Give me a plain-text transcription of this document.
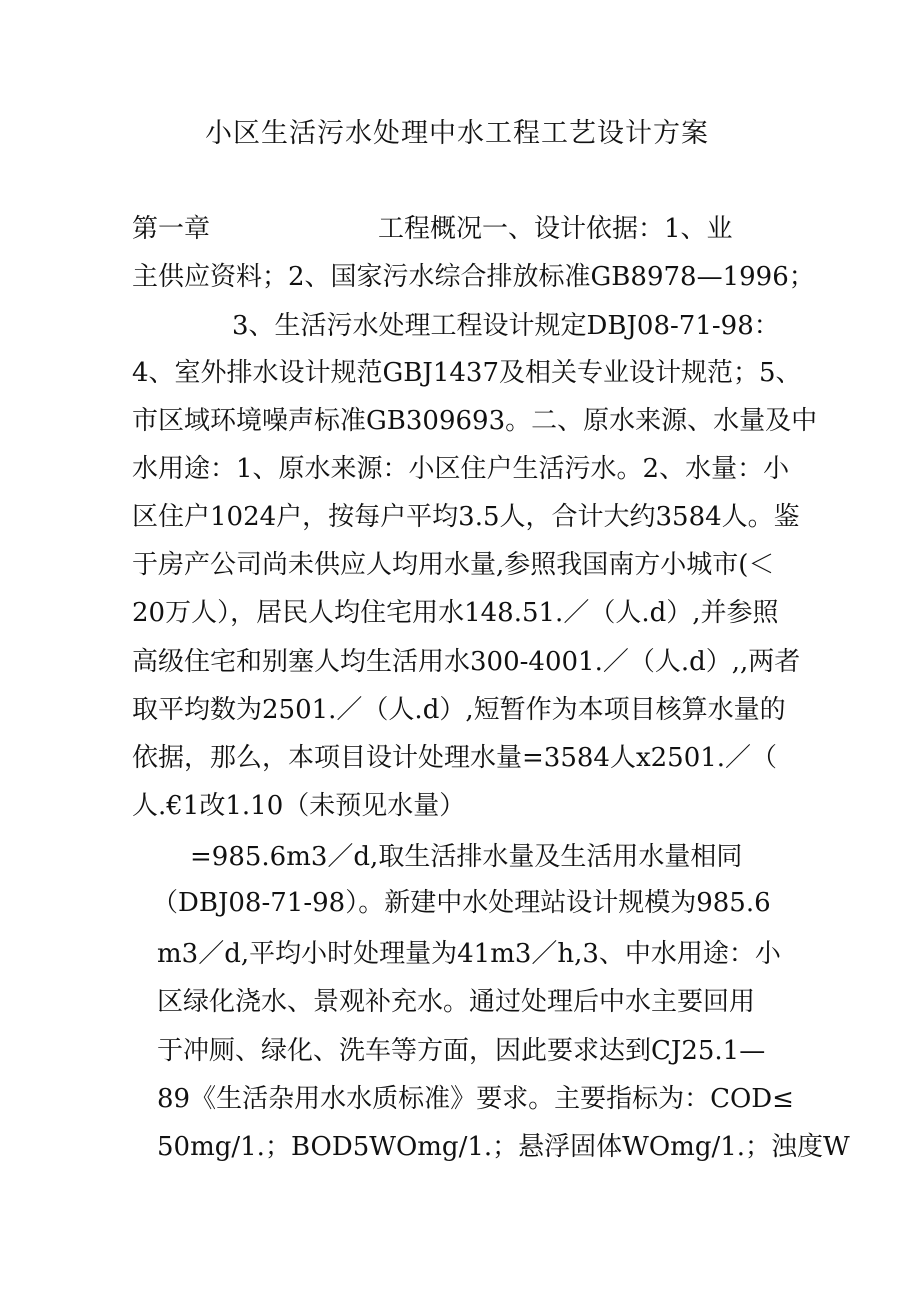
小区生活污水处理中水工程工艺设计方案
第一章	工程概况一、设计依据：1、业
主供应资料；2、国家污水综合排放标准GB8978—1996；
3、生活污水处理工程设计规定DBJ08-71-98：
4、室外排水设计规范GBJ1437及相关专业设计规范；5、
市区域环境噪声标准GB309693。二、原水来源、水量及中
水用途：1、原水来源：小区住户生活污水。2、水量：小
区住户1024户，按每户平均3.5人，合计大约3584人。鉴
于房产公司尚未供应人均用水量,参照我国南方小城市(＜
20万人），居民人均住宅用水148.51.／（人.d）,并参照
高级住宅和别塞人均生活用水300-4001.／（人.d）,,两者
取平均数为2501.／（人.d）,短暂作为本项目核算水量的
依据，那么，本项目设计处理水量=3584人x2501.／（
人.€1改1.10（未预见水量）
=985.6m3／d,取生活排水量及生活用水量相同
（DBJ08-71-98）。新建中水处理站设计规模为985.6
m3／d,平均小时处理量为41m3／h,3、中水用途：小
区绿化浇水、景观补充水。通过处理后中水主要回用
于冲厕、绿化、洗车等方面，因此要求达到CJ25.1—
89《生活杂用水水质标准》要求。主要指标为：COD≤
50mg/1.；BOD5WOmg/1.；悬浮固体WOmg/1.；浊度W
